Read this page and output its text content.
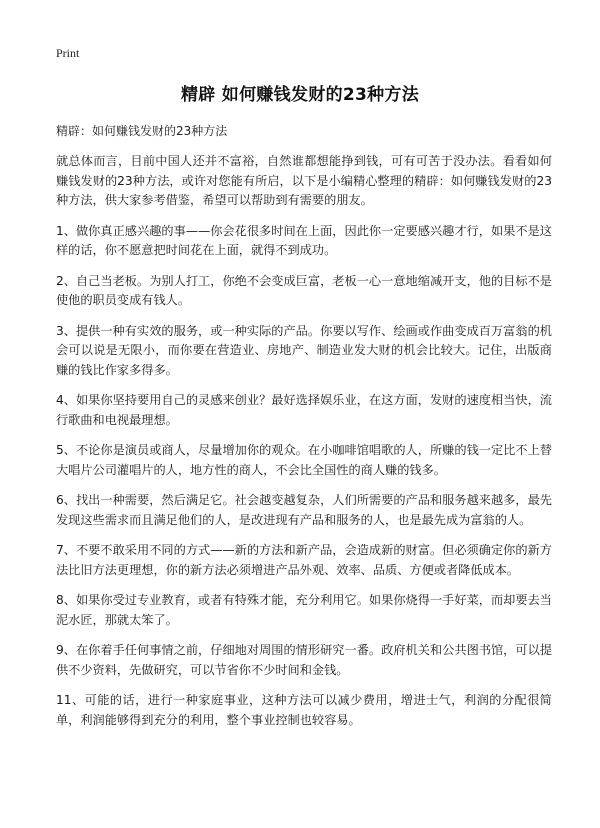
Print
精辟 如何赚钱发财的23种方法
精辟：如何赚钱发财的23种方法

就总体而言，目前中国人还并不富裕，自然谁都想能挣到钱，可有可苦于没办法。看看如何赚钱发财的23种方法，或许对您能有所启，以下是小编精心整理的精辟：如何赚钱发财的23种方法，供大家参考借鉴，希望可以帮助到有需要的朋友。

1、做你真正感兴趣的事——你会花很多时间在上面，因此你一定要感兴趣才行，如果不是这样的话，你不愿意把时间花在上面，就得不到成功。

2、自己当老板。为别人打工，你绝不会变成巨富，老板一心一意地缩减开支，他的目标不是使他的职员变成有钱人。

3、提供一种有实效的服务，或一种实际的产品。你要以写作、绘画或作曲变成百万富翁的机会可以说是无限小，而你要在营造业、房地产、制造业发大财的机会比较大。记住，出版商赚的钱比作家多得多。

4、如果你坚持要用自己的灵感来创业？最好选择娱乐业，在这方面，发财的速度相当快，流行歌曲和电视最理想。

5、不论你是演员或商人，尽量增加你的观众。在小咖啡馆唱歌的人，所赚的钱一定比不上替大唱片公司灌唱片的人，地方性的商人，不会比全国性的商人赚的钱多。

6、找出一种需要，然后满足它。社会越变越复杂，人们所需要的产品和服务越来越多，最先发现这些需求而且满足他们的人，是改进现有产品和服务的人，也是最先成为富翁的人。

7、不要不敢采用不同的方式——新的方法和新产品，会造成新的财富。但必须确定你的新方法比旧方法更理想，你的新方法必须增进产品外观、效率、品质、方便或者降低成本。

8、如果你受过专业教育，或者有特殊才能，充分利用它。如果你烧得一手好菜，而却要去当泥水匠，那就太笨了。

9、在你着手任何事情之前，仔细地对周围的情形研究一番。政府机关和公共图书馆，可以提供不少资料，先做研究，可以节省你不少时间和金钱。

11、可能的话，进行一种家庭事业，这种方法可以减少费用，增进士气，利润的分配很简单，利润能够得到充分的利用，整个事业控制也较容易。
